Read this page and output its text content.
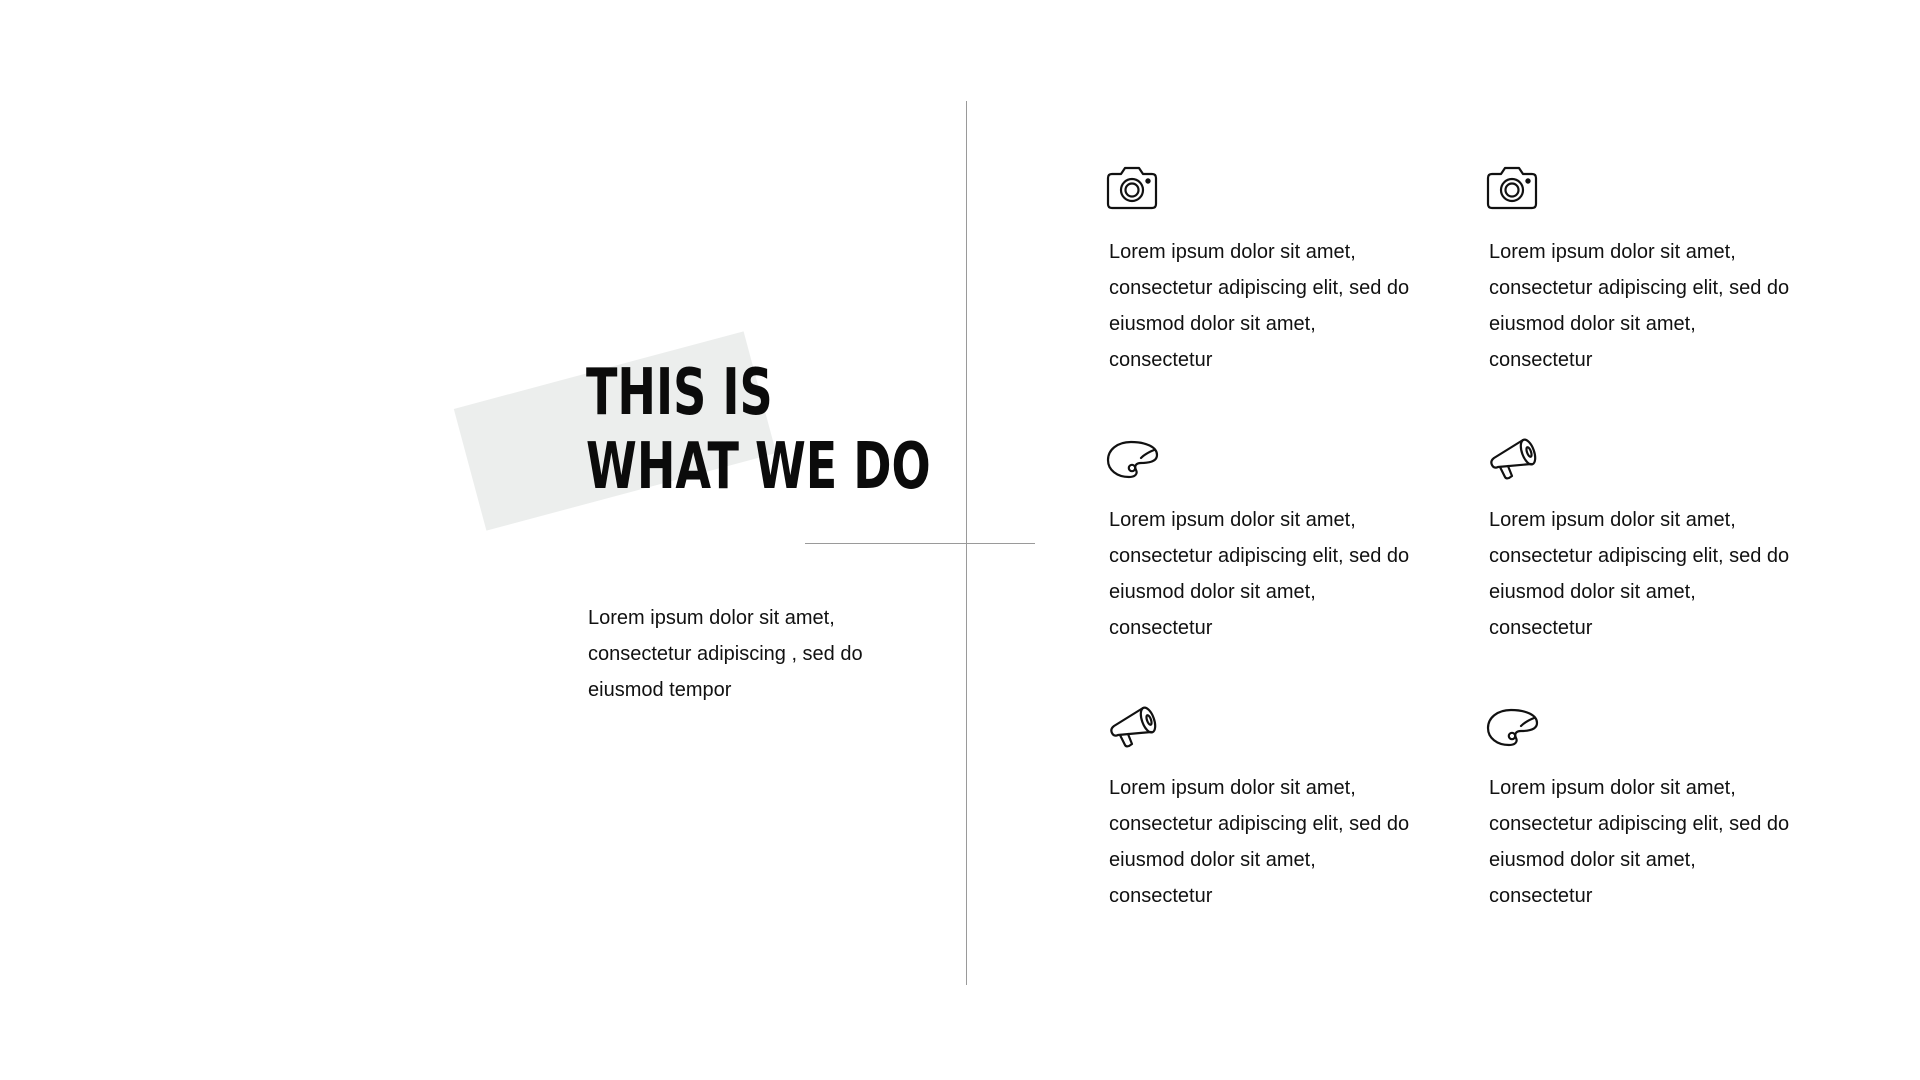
THIS IS
WHAT WE DO
Lorem ipsum dolor sit amet, consectetur adipiscing , sed do eiusmod tempor
Lorem ipsum dolor sit amet, consectetur adipiscing elit, sed do eiusmod dolor sit amet, consectetur
Lorem ipsum dolor sit amet, consectetur adipiscing elit, sed do eiusmod dolor sit amet, consectetur
Lorem ipsum dolor sit amet, consectetur adipiscing elit, sed do eiusmod dolor sit amet, consectetur
Lorem ipsum dolor sit amet, consectetur adipiscing elit, sed do eiusmod dolor sit amet, consectetur
Lorem ipsum dolor sit amet, consectetur adipiscing elit, sed do eiusmod dolor sit amet, consectetur
Lorem ipsum dolor sit amet, consectetur adipiscing elit, sed do eiusmod dolor sit amet, consectetur
